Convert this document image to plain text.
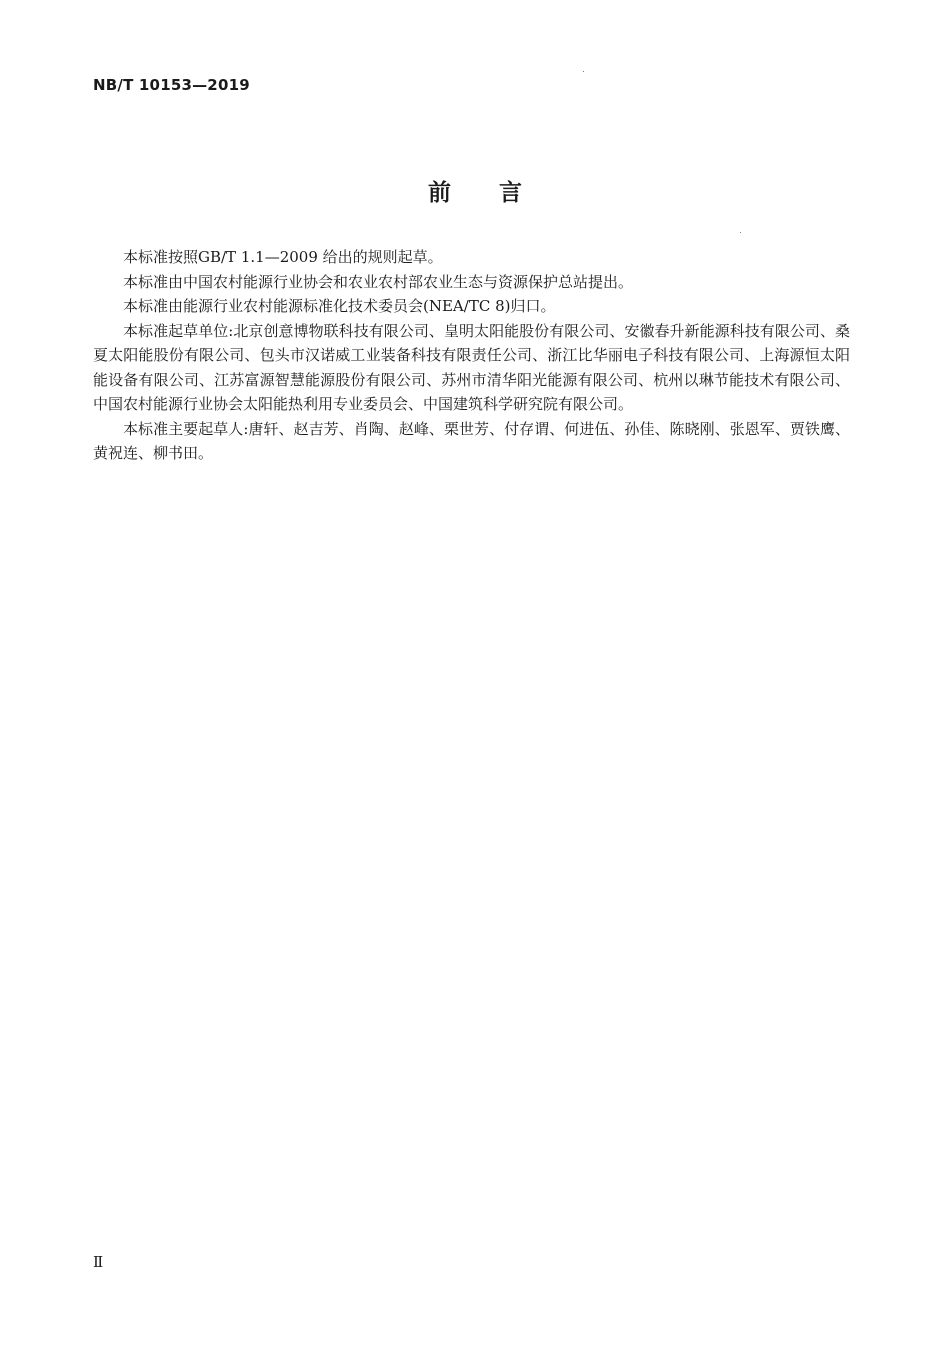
NB/T 10153—2019
前言

本标准按照GB/T 1.1—2009 给出的规则起草。

本标准由中国农村能源行业协会和农业农村部农业生态与资源保护总站提出。

本标准由能源行业农村能源标准化技术委员会(NEA/TC 8)归口。

本标准起草单位:北京创意博物联科技有限公司、皇明太阳能股份有限公司、安徽春升新能源科技有限公司、桑夏太阳能股份有限公司、包头市汉诺威工业装备科技有限责任公司、浙江比华丽电子科技有限公司、上海源恒太阳能设备有限公司、江苏富源智慧能源股份有限公司、苏州市清华阳光能源有限公司、杭州以琳节能技术有限公司、中国农村能源行业协会太阳能热利用专业委员会、中国建筑科学研究院有限公司。

本标准主要起草人:唐轩、赵吉芳、肖陶、赵峰、栗世芳、付存谓、何进伍、孙佳、陈晓刚、张恩军、贾铁鹰、黄祝连、柳书田。

Ⅱ
